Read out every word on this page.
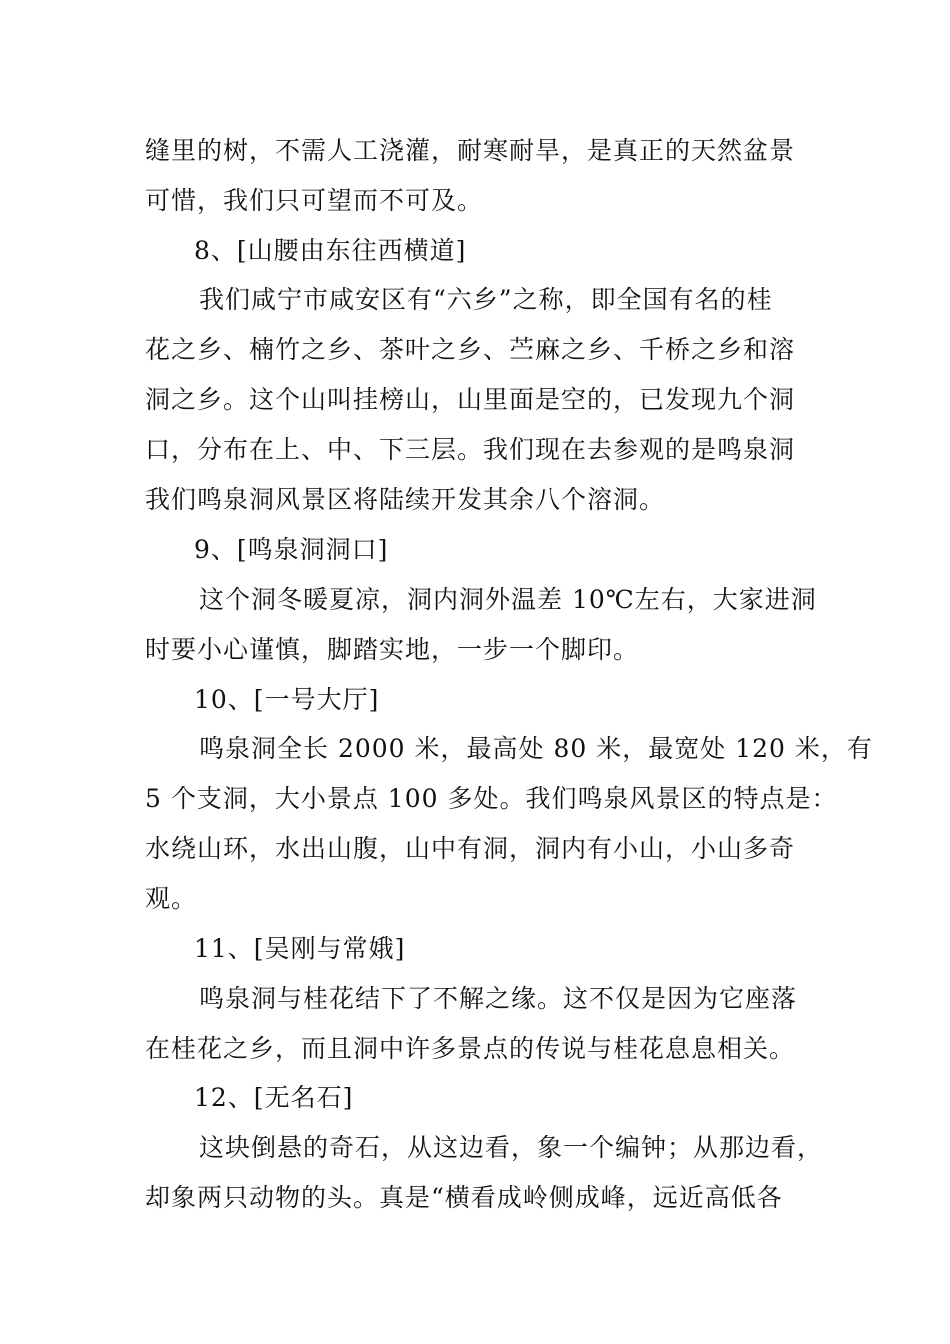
缝里的树，不需人工浇灌，耐寒耐旱，是真正的天然盆景
可惜，我们只可望而不可及。
8、[山腰由东往西横道]
我们咸宁市咸安区有“六乡”之称，即全国有名的桂
花之乡、楠竹之乡、茶叶之乡、苎麻之乡、千桥之乡和溶
洞之乡。这个山叫挂榜山，山里面是空的，已发现九个洞
口，分布在上、中、下三层。我们现在去参观的是鸣泉洞
我们鸣泉洞风景区将陆续开发其余八个溶洞。
9、[鸣泉洞洞口]
这个洞冬暖夏凉，洞内洞外温差 10℃左右，大家进洞
时要小心谨慎，脚踏实地，一步一个脚印。
10、[一号大厅]
鸣泉洞全长 2000 米，最高处 80 米，最宽处 120 米，有
5 个支洞，大小景点 100 多处。我们鸣泉风景区的特点是：
水绕山环，水出山腹，山中有洞，洞内有小山，小山多奇
观。
11、[吴刚与常娥]
鸣泉洞与桂花结下了不解之缘。这不仅是因为它座落
在桂花之乡，而且洞中许多景点的传说与桂花息息相关。
12、[无名石]
这块倒悬的奇石，从这边看，象一个编钟；从那边看，
却象两只动物的头。真是“横看成岭侧成峰，远近高低各
